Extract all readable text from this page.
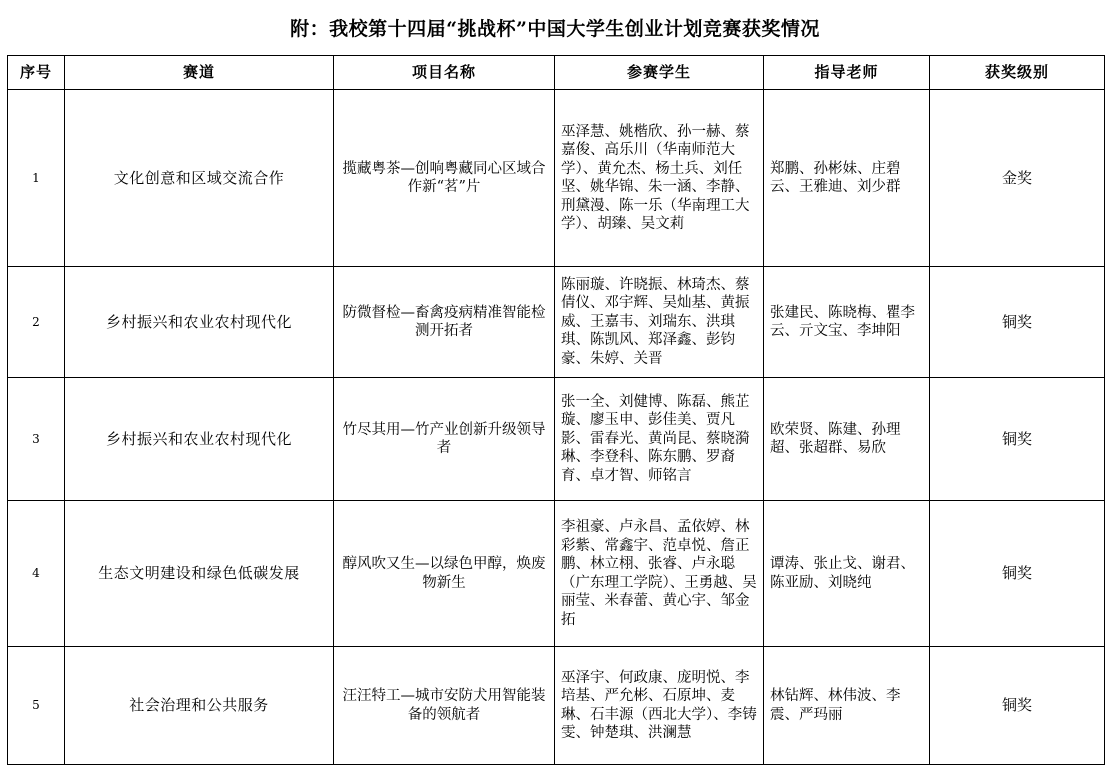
附：我校第十四届“挑战杯”中国大学生创业计划竞赛获奖情况
序号	赛道	项目名称	参赛学生	指导老师	获奖级别
1	文化创意和区域交流合作	揽藏粤茶—创响粤藏同心区域合作新“茗”片	巫泽慧、姚楷欣、孙一赫、蔡嘉俊、高乐川（华南师范大学）、黄允杰、杨土兵、刘任坚、姚华锦、朱一涵、李静、刑黛漫、陈一乐（华南理工大学）、胡臻、吴文莉	郑鹏、孙彬妹、庄碧云、王雅迪、刘少群	金奖
2	乡村振兴和农业农村现代化	防微督检—畜禽疫病精准智能检测开拓者	陈丽璇、许晓振、林琦杰、蔡倩仪、邓宇辉、吴灿基、黄振威、王嘉韦、刘瑞东、洪琪琪、陈凯风、郑泽鑫、彭钧豪、朱婷、关晋	张建民、陈晓梅、瞿李云、亓文宝、李坤阳	铜奖
3	乡村振兴和农业农村现代化	竹尽其用—竹产业创新升级领导者	张一全、刘健博、陈磊、熊芷璇、廖玉申、彭佳美、贾凡影、雷春光、黄尚昆、蔡晓漪琳、李登科、陈东鹏、罗裔育、卓才智、师铭言	欧荣贤、陈建、孙理超、张超群、易欣	铜奖
4	生态文明建设和绿色低碳发展	醇风吹又生—以绿色甲醇，焕废物新生	李祖豪、卢永昌、孟依婷、林彩紫、常鑫宇、范卓悦、詹正鹏、林立栩、张睿、卢永聪（广东理工学院）、王勇越、吴丽莹、米春蕾、黄心宇、邹金拓	谭涛、张止戈、谢君、陈亚励、刘晓纯	铜奖
5	社会治理和公共服务	汪汪特工—城市安防犬用智能装备的领航者	巫泽宇、何政康、庞明悦、李培基、严允彬、石原坤、麦琳、石丰源（西北大学）、李铸雯、钟楚琪、洪澜慧	林钻辉、林伟波、李震、严玛丽	铜奖
